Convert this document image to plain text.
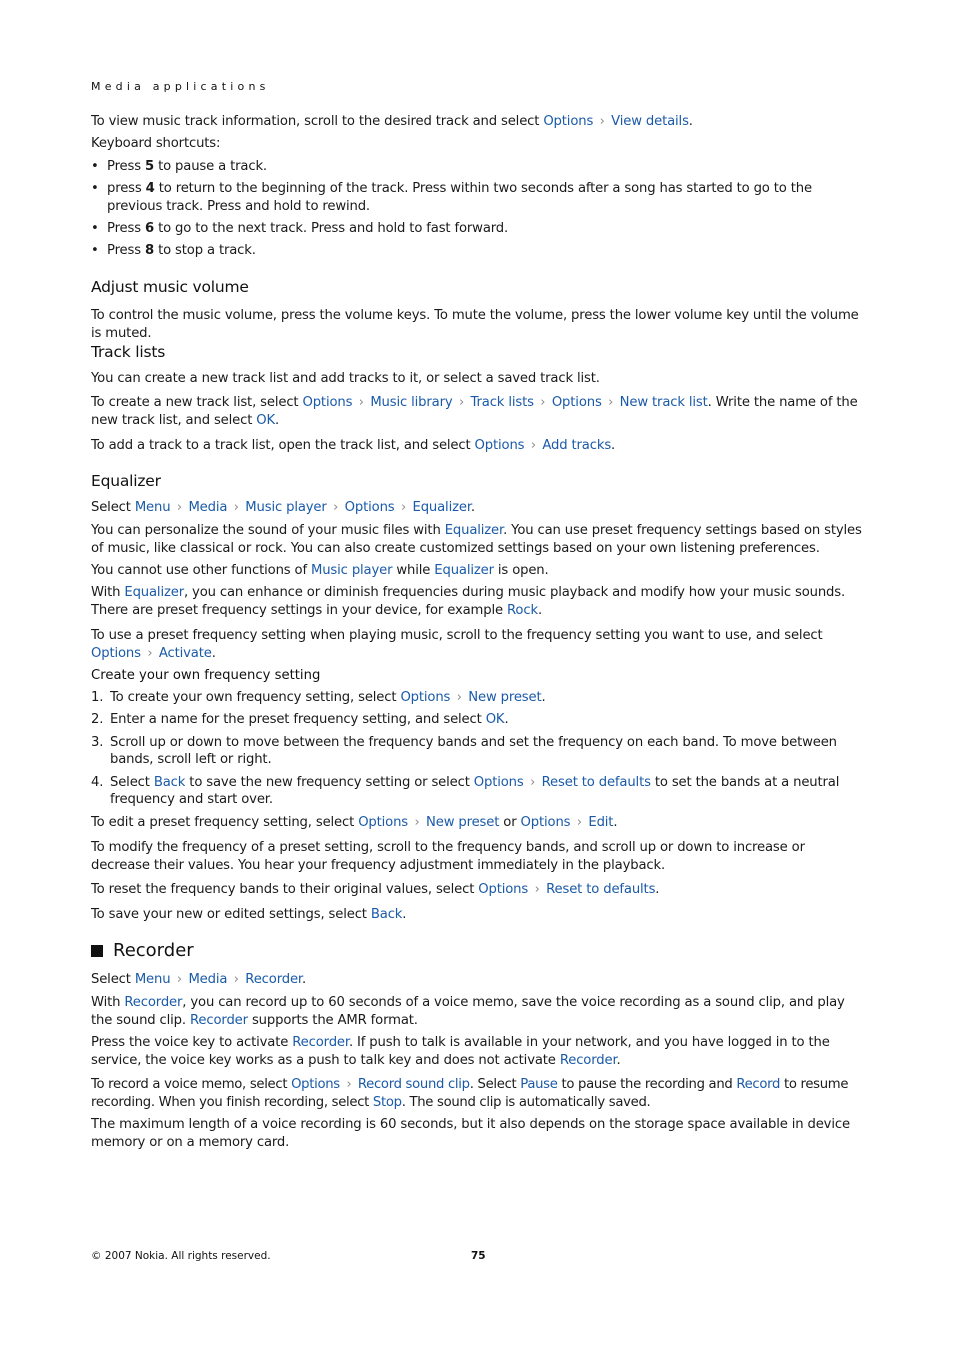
Media applications

To view music track information, scroll to the desired track and select Options › View details.

Keyboard shortcuts:

• Press 5 to pause a track.
• press 4 to return to the beginning of the track. Press within two seconds after a song has started to go to the previous track. Press and hold to rewind.
• Press 6 to go to the next track. Press and hold to fast forward.
• Press 8 to stop a track.
Adjust music volume

To control the music volume, press the volume keys. To mute the volume, press the lower volume key until the volume is muted.

Track lists

You can create a new track list and add tracks to it, or select a saved track list.

To create a new track list, select Options › Music library › Track lists › Options › New track list. Write the name of the new track list, and select OK.

To add a track to a track list, open the track list, and select Options › Add tracks.

Equalizer

Select Menu › Media › Music player › Options › Equalizer.

You can personalize the sound of your music files with Equalizer. You can use preset frequency settings based on styles of music, like classical or rock. You can also create customized settings based on your own listening preferences.

You cannot use other functions of Music player while Equalizer is open.

With Equalizer, you can enhance or diminish frequencies during music playback and modify how your music sounds. There are preset frequency settings in your device, for example Rock.

To use a preset frequency setting when playing music, scroll to the frequency setting you want to use, and select Options › Activate.

Create your own frequency setting
1. To create your own frequency setting, select Options › New preset.
2. Enter a name for the preset frequency setting, and select OK.
3. Scroll up or down to move between the frequency bands and set the frequency on each band. To move between bands, scroll left or right.
4. Select Back to save the new frequency setting or select Options › Reset to defaults to set the bands at a neutral frequency and start over.

To edit a preset frequency setting, select Options › New preset or Options › Edit.

To modify the frequency of a preset setting, scroll to the frequency bands, and scroll up or down to increase or decrease their values. You hear your frequency adjustment immediately in the playback.

To reset the frequency bands to their original values, select Options › Reset to defaults.

To save your new or edited settings, select Back.

Recorder

Select Menu › Media › Recorder.

With Recorder, you can record up to 60 seconds of a voice memo, save the voice recording as a sound clip, and play the sound clip. Recorder supports the AMR format.

Press the voice key to activate Recorder. If push to talk is available in your network, and you have logged in to the service, the voice key works as a push to talk key and does not activate Recorder.

To record a voice memo, select Options › Record sound clip. Select Pause to pause the recording and Record to resume recording. When you finish recording, select Stop. The sound clip is automatically saved.

The maximum length of a voice recording is 60 seconds, but it also depends on the storage space available in device memory or on a memory card.

© 2007 Nokia. All rights reserved.	75
